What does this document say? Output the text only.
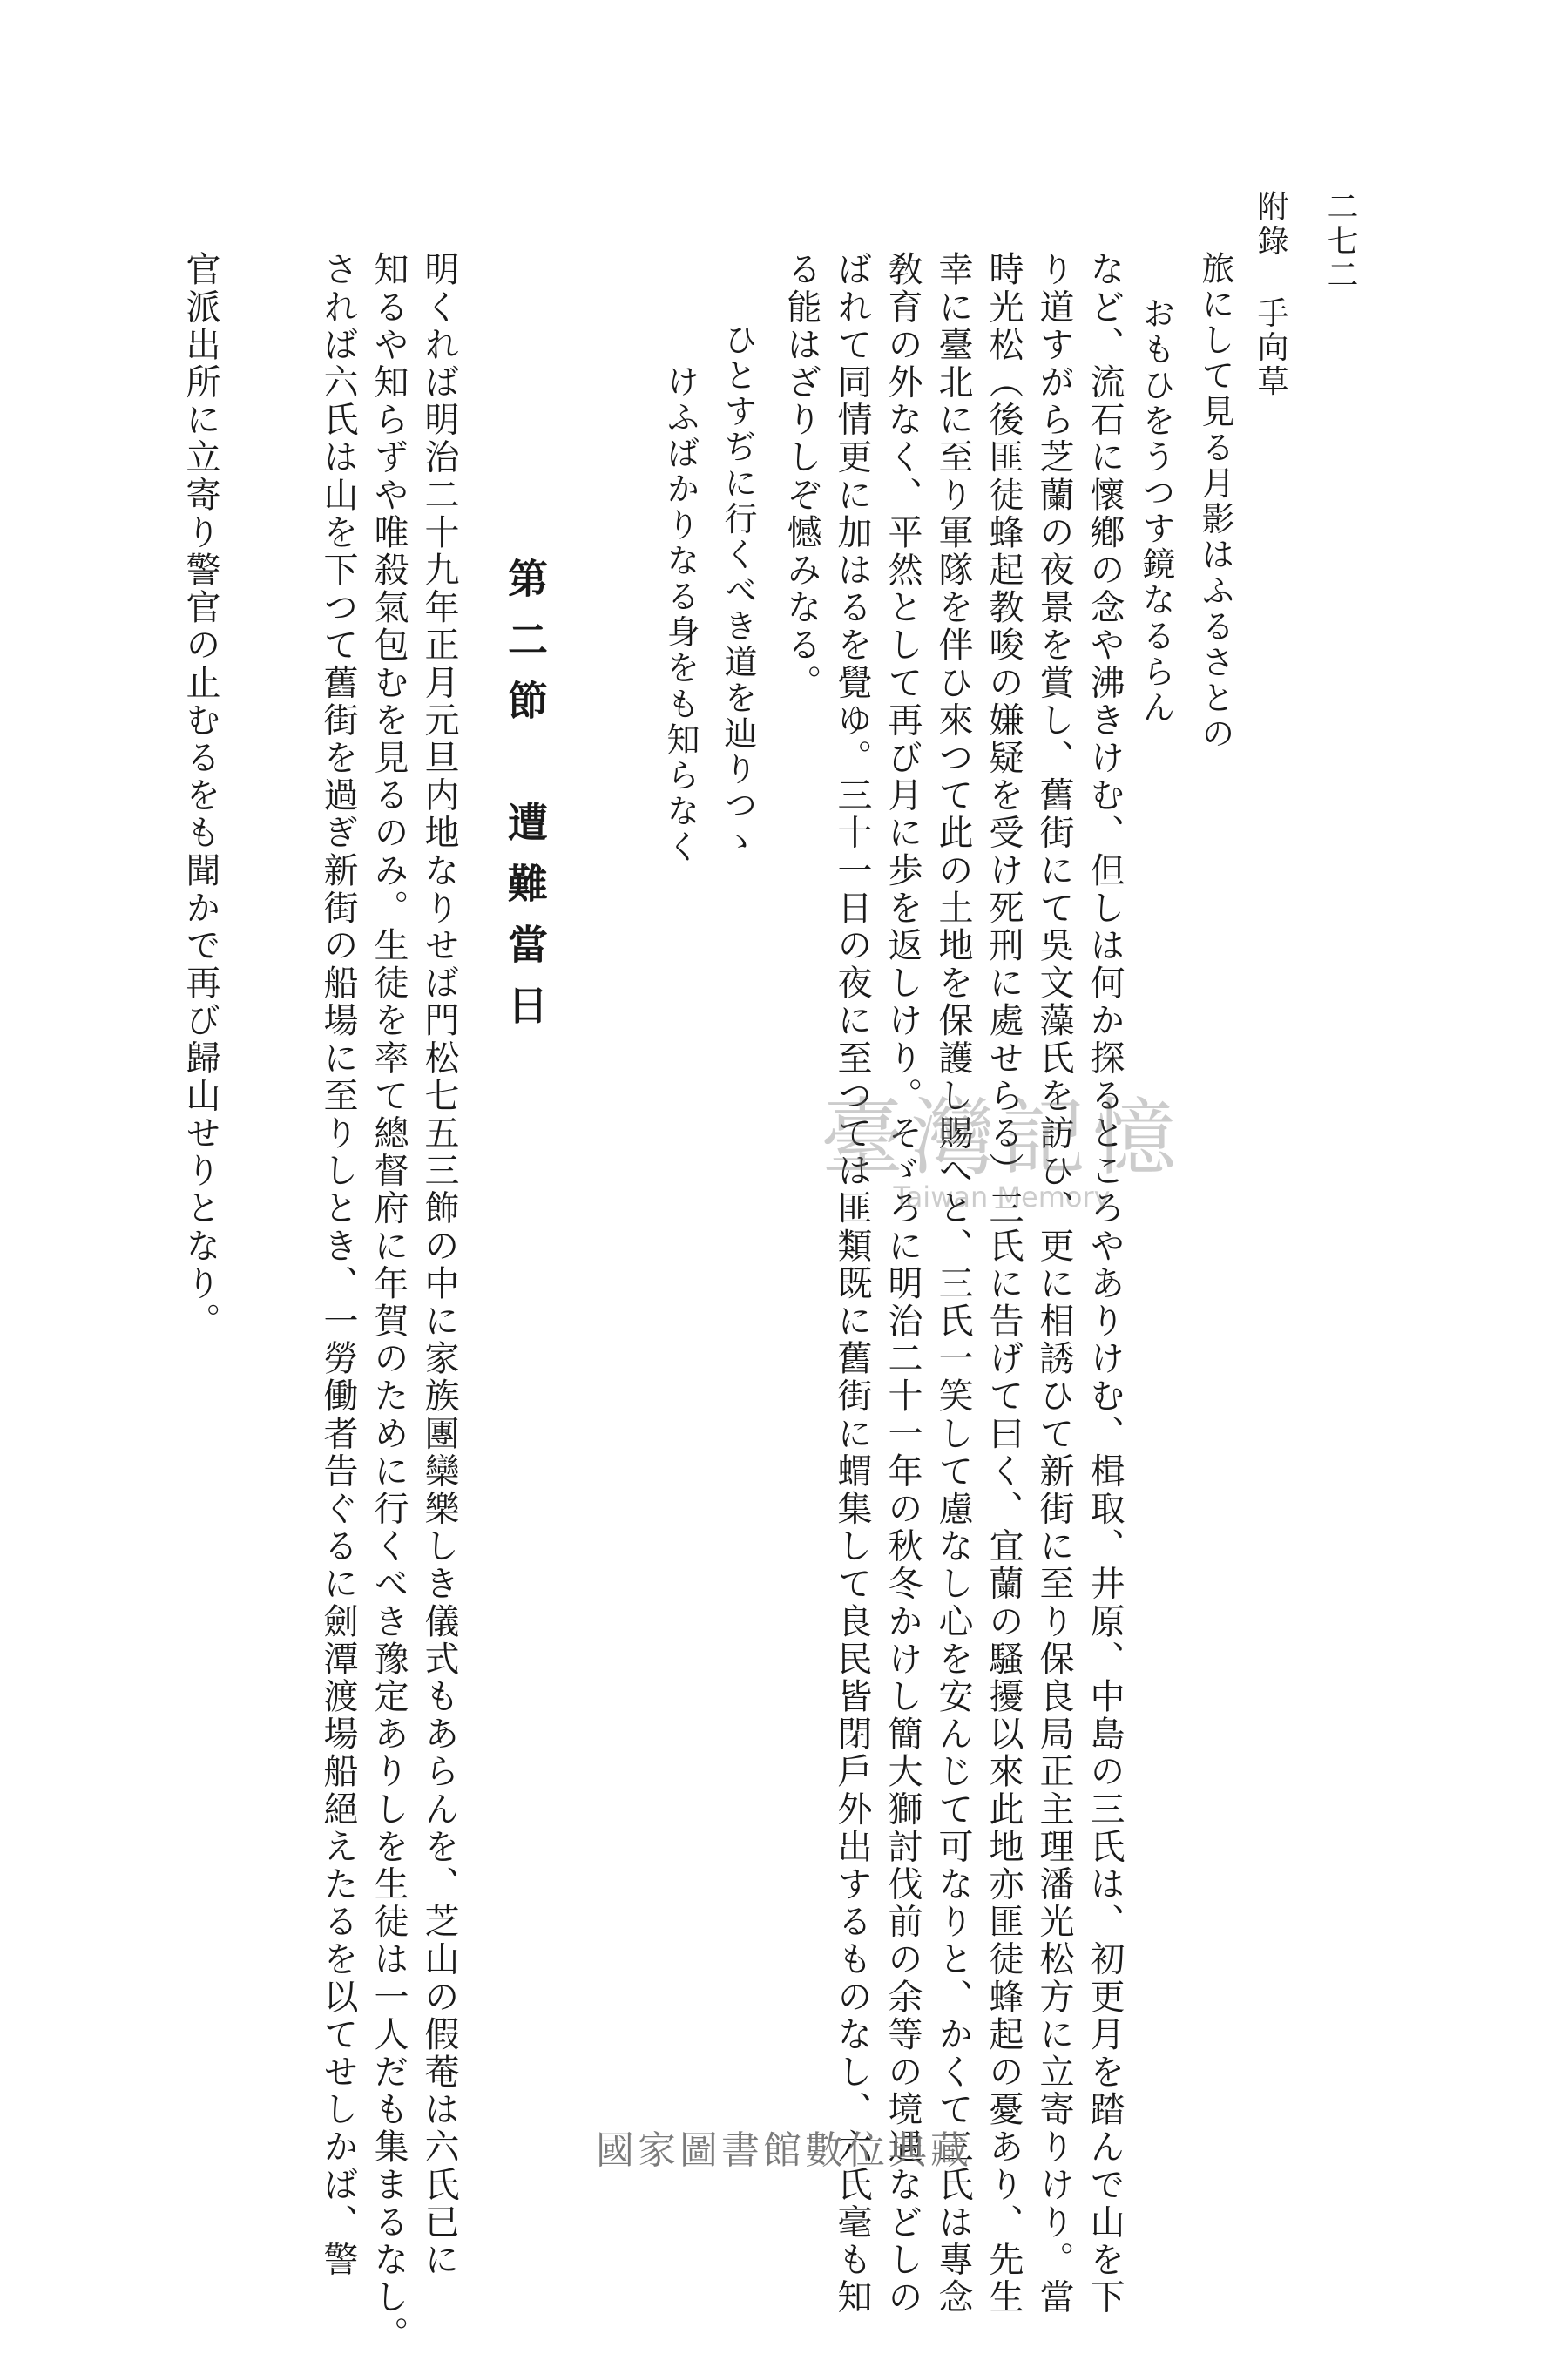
二七二
附錄 手向草
旅にして見る月影はふるさとの
おもひをうつす鏡なるらん
など、流石に懷鄕の念や沸きけむ、但しは何か探るところやありけむ、楫取、井原、中島の三氏は、初更月を踏んで山を下
り道すがら芝蘭の夜景を賞し、舊街にて吳文藻氏を訪ひ、更に相誘ひて新街に至り保良局正主理潘光松方に立寄りけり。當
時光松（後匪徒蜂起教唆の嫌疑を受け死刑に處せらる）三氏に告げて曰く、宜蘭の騷擾以來此地亦匪徒蜂起の憂あり、先生
幸に臺北に至り軍隊を伴ひ來つて此の土地を保護し賜へと、三氏一笑して慮なし心を安んじて可なりと、かくて三氏は專念
敎育の外なく、平然として再び月に歩を返しけり。そゞろに明治二十一年の秋冬かけし簡大獅討伐前の余等の境遇などしの
ばれて同情更に加はるを覺ゆ。三十一日の夜に至つては匪類既に舊街に蝟集して良民皆閉戶外出するものなし、六氏毫も知
る能はざりしぞ憾みなる。
ひとすぢに行くべき道を辿りつゝ
けふばかりなる身をも知らなく
第二節　遭難當日
明くれば明治二十九年正月元旦内地なりせば門松七五三飾の中に家族團欒樂しき儀式もあらんを、芝山の假菴は六氏已に
知るや知らずや唯殺氣包むを見るのみ。生徒を率て總督府に年賀のために行くべき豫定ありしを生徒は一人だも集まるなし。
されば六氏は山を下つて舊街を過ぎ新街の船場に至りしとき、一勞働者告ぐるに劍潭渡場船絕えたるを以てせしかば、警
官派出所に立寄り警官の止むるをも聞かで再び歸山せりとなり。	臺灣記憶
Taiwan Memory
國家圖書館數位典藏
